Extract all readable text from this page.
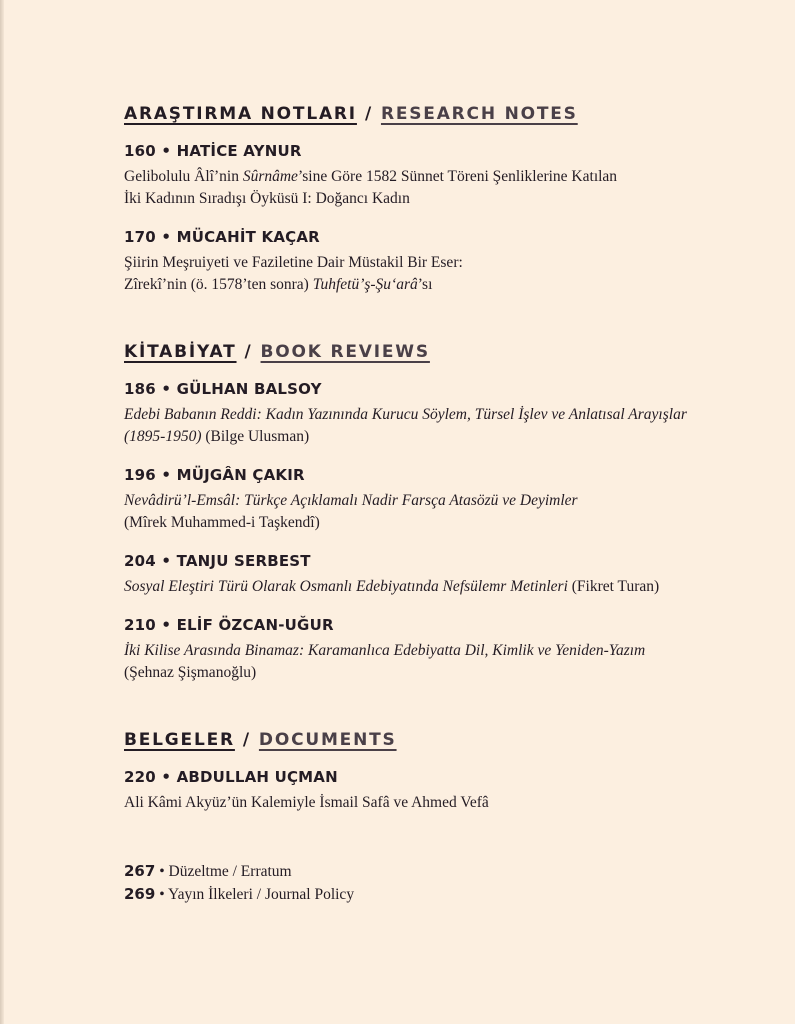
ARAŞTIRMA NOTLARI / RESEARCH NOTES
160 • HATİCE AYNUR
Gelibolulu Âlî’nin Sûrnâme’sine Göre 1582 Sünnet Töreni Şenliklerine Katılan
İki Kadının Sıradışı Öyküsü I: Doğancı Kadın
170 • MÜCAHİT KAÇAR
Şiirin Meşruiyeti ve Faziletine Dair Müstakil Bir Eser:
Zîrekî’nin (ö. 1578’ten sonra) Tuhfetü’ş-Şu‘arâ’sı
KİTABİYAT / BOOK REVIEWS
186 • GÜLHAN BALSOY
Edebi Babanın Reddi: Kadın Yazınında Kurucu Söylem, Türsel İşlev ve Anlatısal Arayışlar
(1895-1950) (Bilge Ulusman)
196 • MÜJGÂN ÇAKIR
Nevâdirü’l-Emsâl: Türkçe Açıklamalı Nadir Farsça Atasözü ve Deyimler
(Mîrek Muhammed-i Taşkendî)
204 • TANJU SERBEST
Sosyal Eleştiri Türü Olarak Osmanlı Edebiyatında Nefsülemr Metinleri (Fikret Turan)
210 • ELİF ÖZCAN-UĞUR
İki Kilise Arasında Binamaz: Karamanlıca Edebiyatta Dil, Kimlik ve Yeniden-Yazım
(Şehnaz Şişmanoğlu)
BELGELER / DOCUMENTS
220 • ABDULLAH UÇMAN
Ali Kâmi Akyüz’ün Kalemiyle İsmail Safâ ve Ahmed Vefâ
267 • Düzeltme / Erratum
269 • Yayın İlkeleri / Journal Policy
